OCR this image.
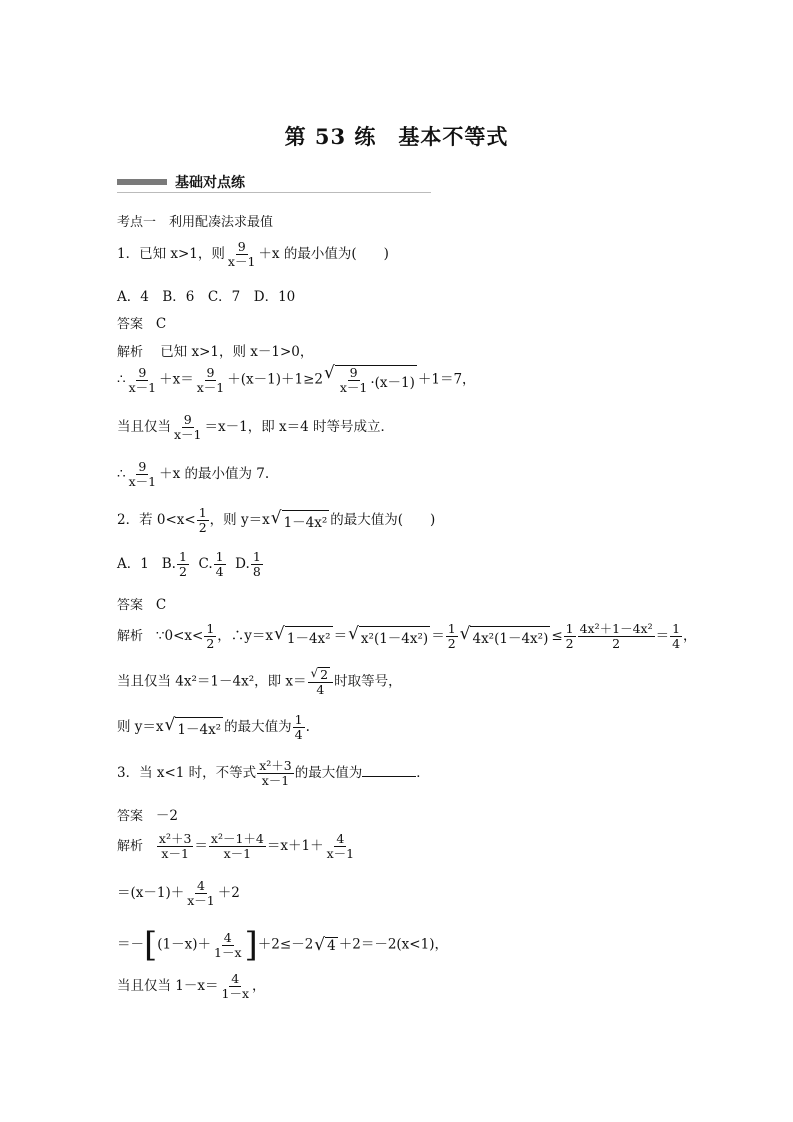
第 53 练　基本不等式
基础对点练
考点一　利用配凑法求最值
1．已知 x>1，则 $\frac{9}{x-1} +x$ 的最小值为(　　)
A．4　B．6　C．7　D．10
答案 C
解析 已知 x>1，则 x－1>0，
∴ $\frac{9}{x-1} +x= \frac{9}{x-1} +(x-1)+1\ge 2$ √ $\frac{9}{x-1} \cdot(x-1) +1=7$，
当且仅当 $\frac{9}{x-1} =x-1$，即 x＝4 时等号成立．
∴ $\frac{9}{x-1} +x$ 的最小值为 7.
2．若 $0<x< \frac{1}{2}$ ，则 y＝x √ 1－4x² 的最大值为(　　)
A．1 B. $\frac{1}{2} C$. $\frac{1}{4} D$. $\frac{1}{8}$
答案 C
解析 ∵0<x< $\frac{1}{2}$ ，∴y＝x √ 1－4x² ＝ √ $x^2(1-4x^2) = \frac{1}{2}$ √ $4x^2(1-4x^2) \le \frac{1}{2} \frac{\text{4x²＋1－4x²}}{2} = \frac{1}{4}$ ，
当且仅当 4x²＝1－4x²，即 $x= \frac{√ 2}{4}$ 时取等号，
则 y＝x √ 1－4x² 的最大值为 $\frac{1}{4}$ .
3．当 x<1 时，不等式 $\frac{\text{x²＋3}}{x-1}$ 的最大值为	．
答案 －2
解析 $\frac{\text{x²＋3}}{x-1} = \frac{\text{x²－1＋4}}{x-1} =x+1+ \frac{4}{x-1}$
$=(x-1)+ \frac{4}{x-1} +2$
$=-[(1-x)+ \frac{4}{1-x} ]+2\le-2$ √ 4 ＋2＝－2(x<1)，
当且仅当 $1-x= \frac{4}{1-x}$ ，
